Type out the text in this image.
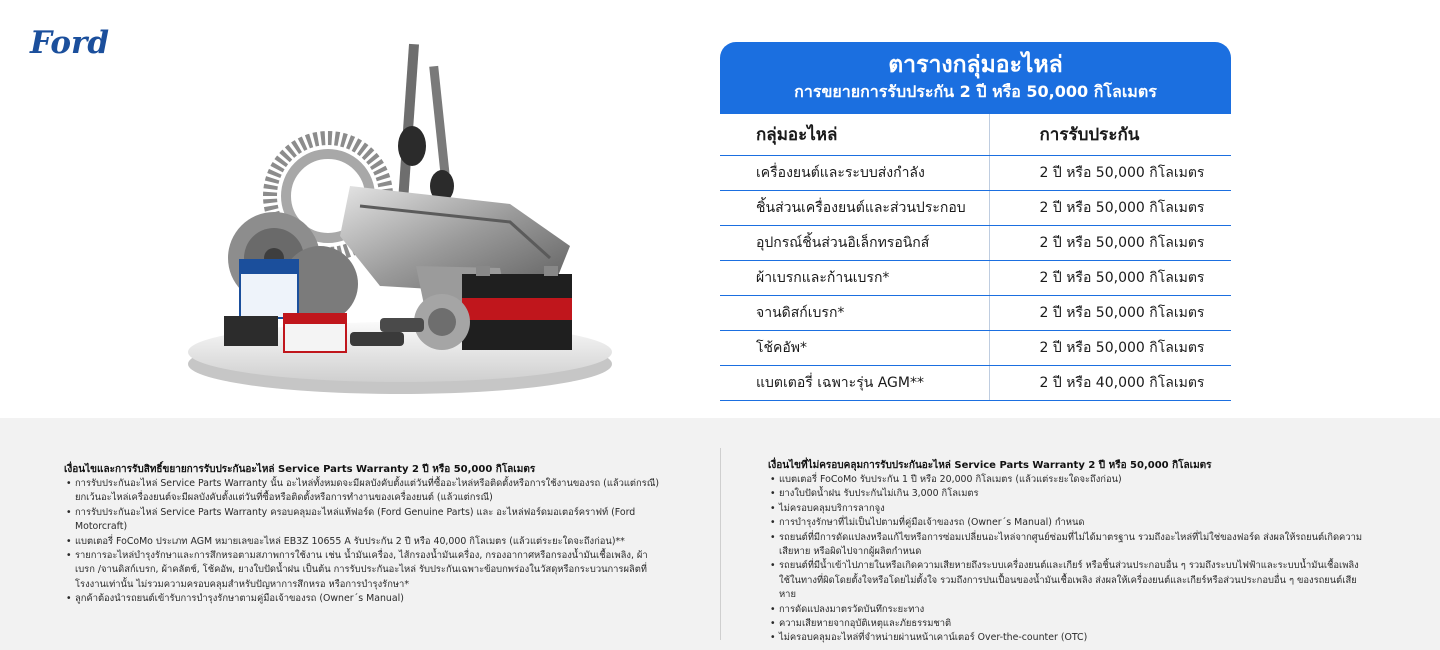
Ford
ตารางกลุ่มอะไหล่
การขยายการรับประกัน 2 ปี หรือ 50,000 กิโลเมตร
กลุ่มอะไหล่	การรับประกัน
เครื่องยนต์และระบบส่งกำลัง	2 ปี หรือ 50,000 กิโลเมตร
ชิ้นส่วนเครื่องยนต์และส่วนประกอบ	2 ปี หรือ 50,000 กิโลเมตร
อุปกรณ์ชิ้นส่วนอิเล็กทรอนิกส์	2 ปี หรือ 50,000 กิโลเมตร
ผ้าเบรกและก้านเบรก*	2 ปี หรือ 50,000 กิโลเมตร
จานดิสก์เบรก*	2 ปี หรือ 50,000 กิโลเมตร
โช้คอัพ*	2 ปี หรือ 50,000 กิโลเมตร
แบตเตอรี่ เฉพาะรุ่น AGM**	2 ปี หรือ 40,000 กิโลเมตร
เงื่อนไขและการรับสิทธิ์ขยายการรับประกันอะไหล่ Service Parts Warranty 2 ปี หรือ 50,000 กิโลเมตร
• การรับประกันอะไหล่ Service Parts Warranty นั้น อะไหล่ทั้งหมดจะมีผลบังคับตั้งแต่วันที่ซื้ออะไหล่หรือติดตั้งหรือการใช้งานของรถ (แล้วแต่กรณี) ยกเว้นอะไหล่เครื่องยนต์จะมีผลบังคับตั้งแต่วันที่ซื้อหรือติดตั้งหรือการทำงานของเครื่องยนต์ (แล้วแต่กรณี)
• การรับประกันอะไหล่ Service Parts Warranty ครอบคลุมอะไหล่แท้ฟอร์ด (Ford Genuine Parts) และ อะไหล่ฟอร์ดมอเตอร์คราฟท์ (Ford Motorcraft)
• แบตเตอรี่ FoCoMo ประเภท AGM หมายเลขอะไหล่ EB3Z 10655 A รับประกัน 2 ปี หรือ 40,000 กิโลเมตร (แล้วแต่ระยะใดจะถึงก่อน)**
• รายการอะไหล่บำรุงรักษาและการสึกหรอตามสภาพการใช้งาน เช่น น้ำมันเครื่อง, ไส้กรองน้ำมันเครื่อง, กรองอากาศหรือกรองน้ำมันเชื้อเพลิง, ผ้าเบรก /จานดิสก์เบรก, ผ้าคลัตช์, โช้คอัพ, ยางใบปัดน้ำฝน เป็นต้น การรับประกันอะไหล่ รับประกันเฉพาะข้อบกพร่องในวัสดุหรือกระบวนการผลิตที่โรงงานเท่านั้น ไม่รวมความครอบคลุมสำหรับปัญหาการสึกหรอ หรือการบำรุงรักษา*
• ลูกค้าต้องนำรถยนต์เข้ารับการบำรุงรักษาตามคู่มือเจ้าของรถ (Owner´s Manual)
เงื่อนไขที่ไม่ครอบคลุมการรับประกันอะไหล่ Service Parts Warranty 2 ปี หรือ 50,000 กิโลเมตร
• แบตเตอรี่ FoCoMo รับประกัน 1 ปี หรือ 20,000 กิโลเมตร (แล้วแต่ระยะใดจะถึงก่อน)
• ยางใบปัดน้ำฝน รับประกันไม่เกิน 3,000 กิโลเมตร
• ไม่ครอบคลุมบริการลากจูง
• การบำรุงรักษาที่ไม่เป็นไปตามที่คู่มือเจ้าของรถ (Owner´s Manual) กำหนด
• รถยนต์ที่มีการดัดแปลงหรือแก้ไขหรือการซ่อมเปลี่ยนอะไหล่จากศูนย์ซ่อมที่ไม่ได้มาตรฐาน รวมถึงอะไหล่ที่ไม่ใช่ของฟอร์ด ส่งผลให้รถยนต์เกิดความเสียหาย หรือผิดไปจากผู้ผลิตกำหนด
• รถยนต์ที่มีน้ำเข้าไปภายในหรือเกิดความเสียหายถึงระบบเครื่องยนต์และเกียร์ หรือชิ้นส่วนประกอบอื่น ๆ รวมถึงระบบไฟฟ้าและระบบน้ำมันเชื้อเพลิง ใช้ในทางที่ผิดโดยตั้งใจหรือโดยไม่ตั้งใจ รวมถึงการปนเปื้อนของน้ำมันเชื้อเพลิง ส่งผลให้เครื่องยนต์และเกียร์หรือส่วนประกอบอื่น ๆ ของรถยนต์เสียหาย
• การดัดแปลงมาตรวัดบันทึกระยะทาง
• ความเสียหายจากอุบัติเหตุและภัยธรรมชาติ
• ไม่ครอบคลุมอะไหล่ที่จำหน่ายผ่านหน้าเคาน์เตอร์ Over-the-counter (OTC)
